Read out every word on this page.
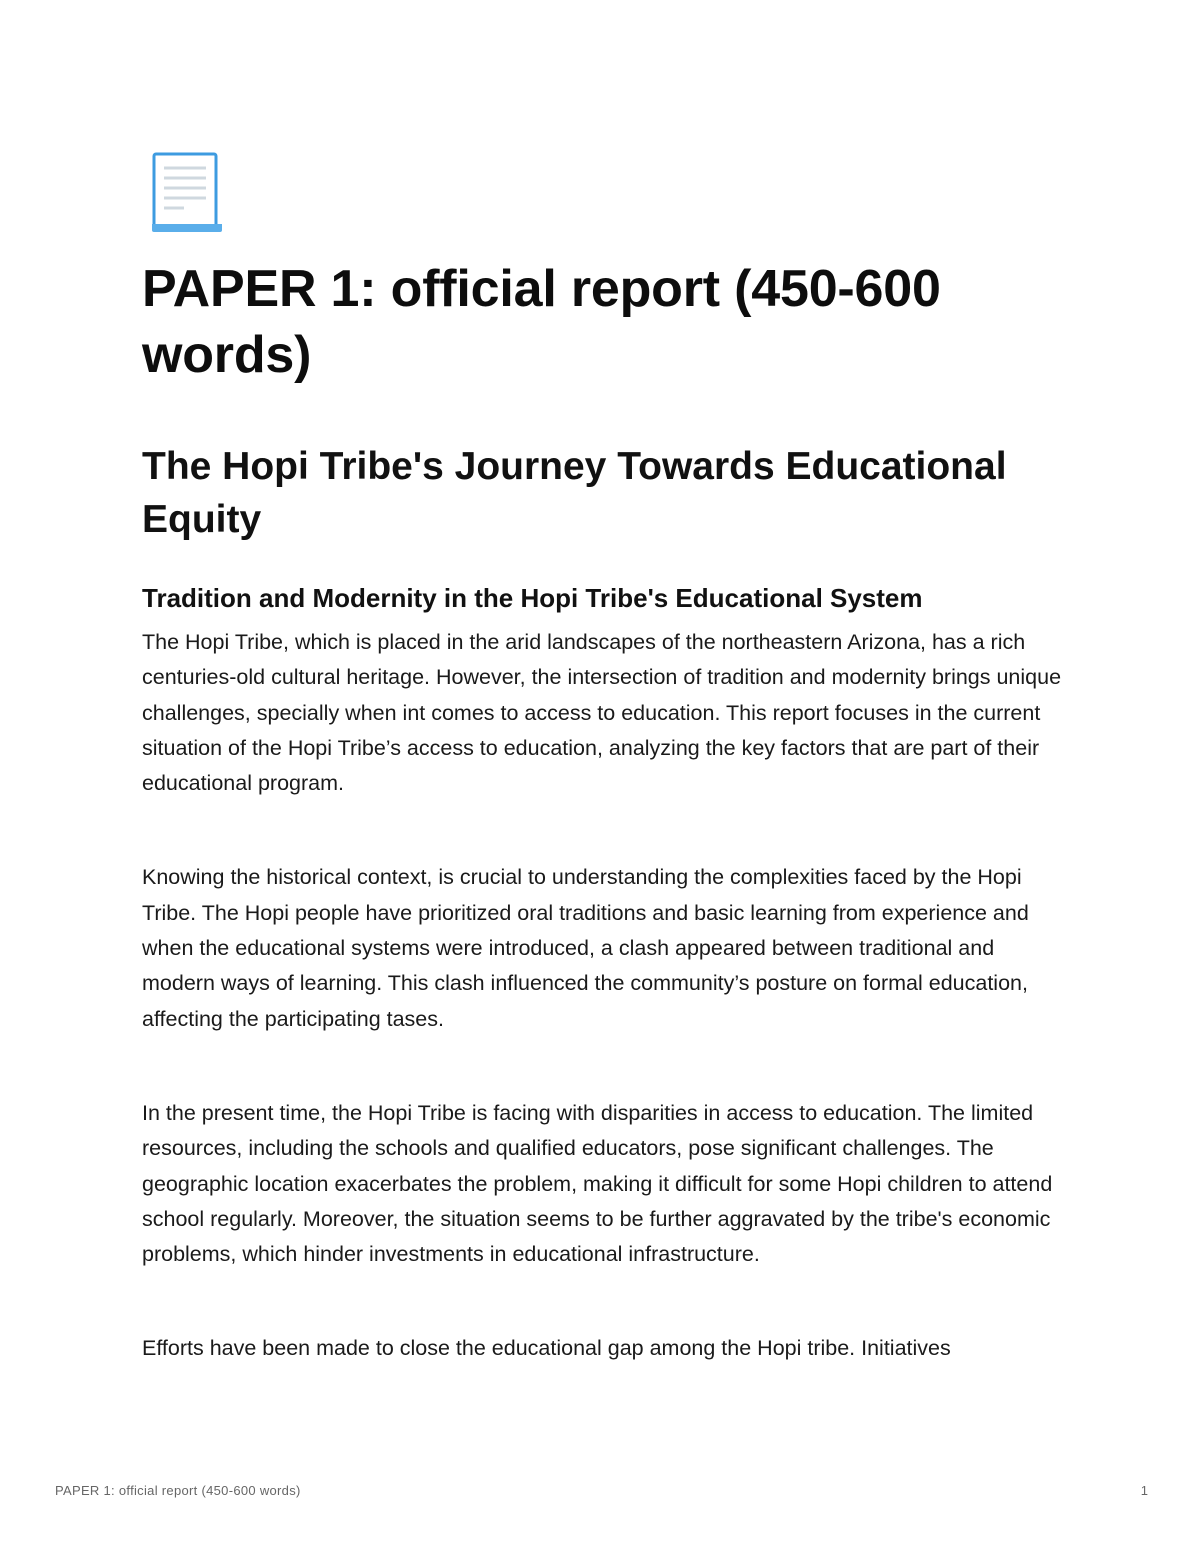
PAPER 1: official report (450-600 words)
The Hopi Tribe's Journey Towards Educational Equity
Tradition and Modernity in the Hopi Tribe's Educational System

The Hopi Tribe, which is placed in the arid landscapes of the northeastern Arizona, has a rich centuries-old cultural heritage. However, the intersection of tradition and modernity brings unique challenges, specially when int comes to access to education. This report focuses in the current situation of the Hopi Tribe’s access to education, analyzing the key factors that are part of their educational program.

Knowing the historical context, is crucial to understanding the complexities faced by the Hopi Tribe. The Hopi people have prioritized oral traditions and basic learning from experience and when the educational systems were introduced, a clash appeared between traditional and modern ways of learning. This clash influenced the community’s posture on formal education, affecting the participating tases.

In the present time, the Hopi Tribe is facing with disparities in access to education. The limited resources, including the schools and qualified educators, pose significant challenges. The geographic location exacerbates the problem, making it difficult for some Hopi children to attend school regularly. Moreover, the situation seems to be further aggravated by the tribe's economic problems, which hinder investments in educational infrastructure.

Efforts have been made to close the educational gap among the Hopi tribe. Initiatives

PAPER 1: official report (450-600 words)	1
